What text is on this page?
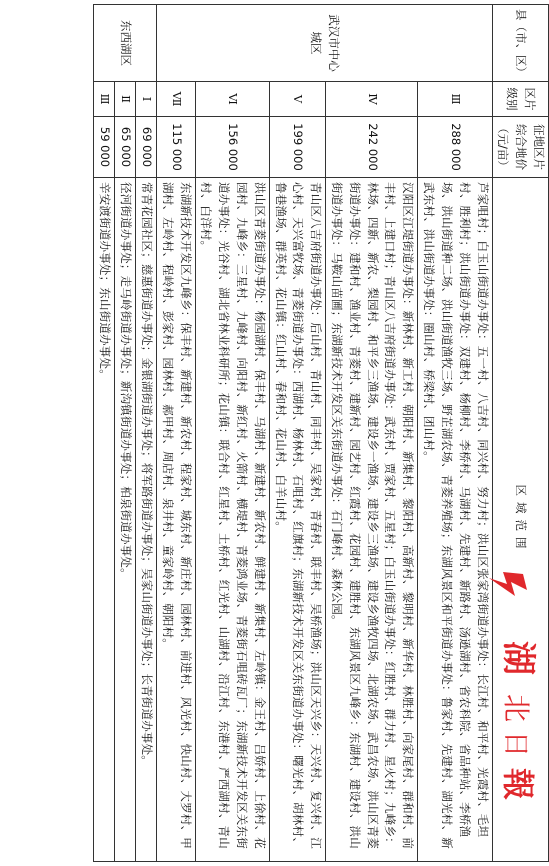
县（市、区）	区片级别	征地区片综合地价（元/亩）	区域范围
武汉市中心城区	Ⅲ	288 000	芦家咀村；白玉山街道办事处：五一村、八吉村、同兴村、努力村；洪山区张家湾街道办事处：长江村、和平村、光霞村、毛坦村、胜利村；洪山街道办事处：双建村、杨柳村、李桥村、马湖村、先建村、新路村、汤逊湖村、省农科院、省品种站、李桥渔场、洪山街道种二场、洪山街道渔牧三场、野芷湖农场、青菱养殖场；东湖风景区和平街道办事处：鲁家村、先建村、湖光村、新武东村、洪山街道办事处：圈山村、桥梁村、团山村。
	Ⅳ	242 000	汉阳区江堤街道办事处：新林村、新工村、朝阳村、新集村、黎阳村、高新村、黎明村、新华村、林胜村、向家尾村、群和村、前丰村、上建口村；青山区八吉府街道办事处：武东村、贾家村、五星村；白玉山街道办事处：红胜村、群力村、星火村；九峰乡：林场、四新、新农、梨园村、和平乡三渔场、建设乡一渔场、建设乡三渔场、建设乡渔牧四场、北湖农场、武昌农场、洪山区青菱街道办事处：建和村、渔业村、青菱村、建新村、园艺村、红霞村、花园村、建胜村、东湖风景区九峰乡：东湖村、建设村、洪山街道办事处：马鞍山苗圃；东湖新技术开发区关东街道办事处：石门峰村、森林公园。
	Ⅴ	199 000	青山区八吉府街道办事处：后山村、青山村、同丰村、吴家村、青春村、联丰村、吴桥渔场；洪山区天兴乡：天兴村、复兴村、江心村、天兴富牧场、青菱街道办事处：西湖村、杨林村、石咀村、红旗村；东湖新技术开发区关东街道办事处：曙光村、胡林村、鲁巷渔场、群英村、花山镇：红山村、春和村、花山村、白羊山村。
	Ⅵ	156 000	洪山区青菱街道办事处：杨园湖村、保丰村、马湖村、新建村、新农村、鲜建村、新集村、左岭镇：金王村、吕娇村、上徐村、花园村、九峰乡：三星村、九峰村、向阳村、新红村、火箭村、横堤村、青菱鸿业场、青菱街石咀砖瓦厂；东湖新技术开发区关东街道办事处：光谷村、湖北省林业科研所；花山镇：联合村、红星村、土桥村、红光村、山湖村、沿江村、东港村、严西湖村、青山村、白洋村。
	Ⅶ	115 000	东湖新技术开发区九峰乡：保丰村、新建村、新农村、程家村、城东村、新庄村、园林村、前进村、风光村、快山村、大罗村、甲湖村、左岭村、程岭村、彭家村、园林村、郝甲村、周店村、泉井村、童家岭村、朝阳村。
东西湖区	Ⅰ	69 000	常青花园社区；慈惠街道办事处；金银湖街道办事处；将军路街道办事处；吴家山街道办事处；长青街道办事处。
	Ⅱ	65 000	径河街道办事处；走马岭街道办事处；新沟镇街道办事处；柏泉街道办事处。
	Ⅲ	59 000	辛安渡街道办事处；东山街道办事处。
湖
北
日
報
